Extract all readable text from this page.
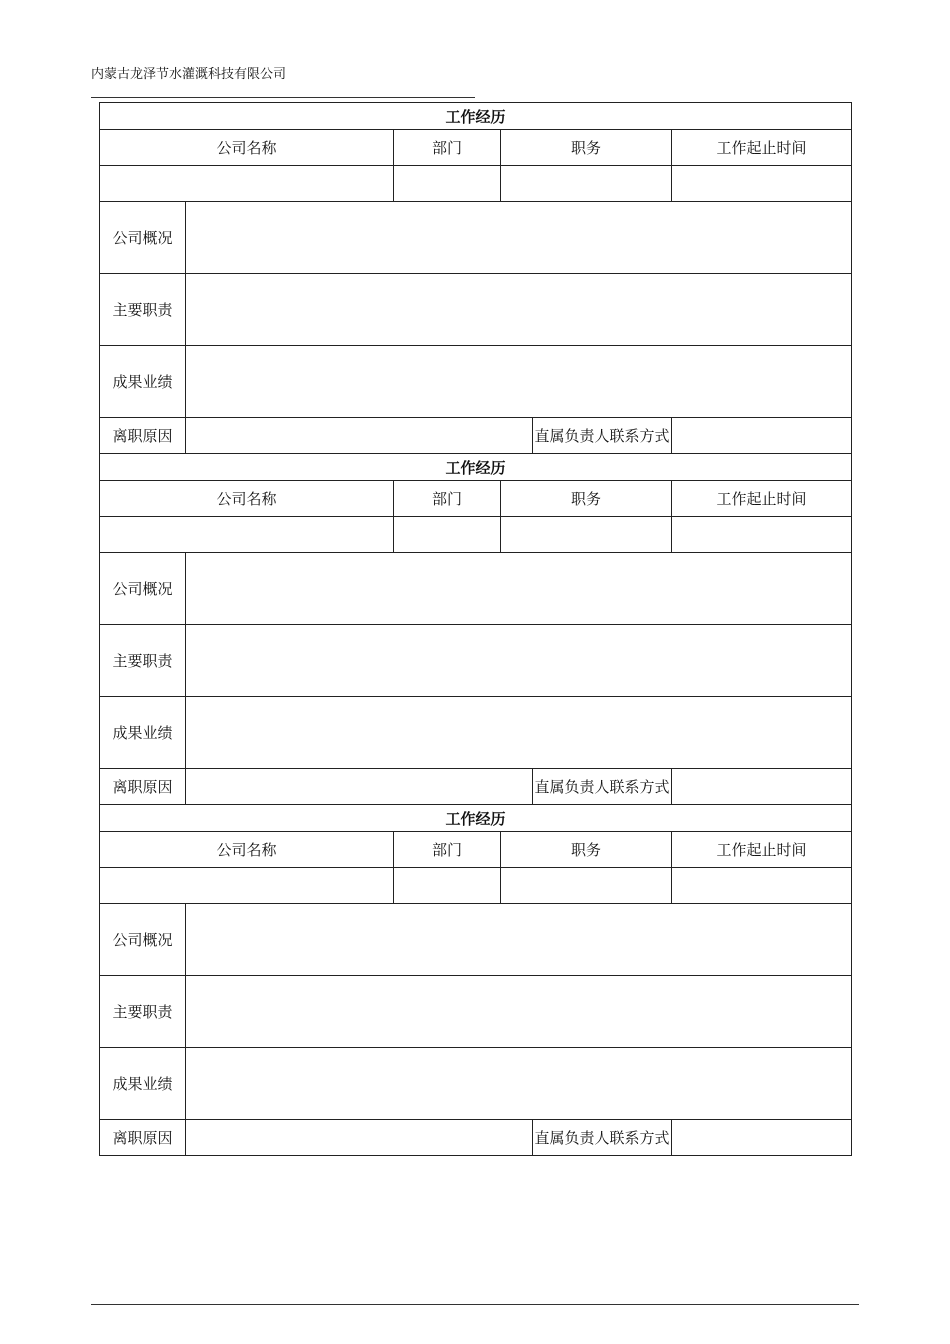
内蒙古龙泽节水灌溉科技有限公司
工作经历					
公司名称		部门	职务		工作起止时间

公司概况					
主要职责					
成果业绩					
离职原因				直属负责人联系方式	
工作经历					
公司名称		部门	职务		工作起止时间

公司概况					
主要职责					
成果业绩					
离职原因				直属负责人联系方式	
工作经历					
公司名称		部门	职务		工作起止时间

公司概况					
主要职责					
成果业绩					
离职原因				直属负责人联系方式	
